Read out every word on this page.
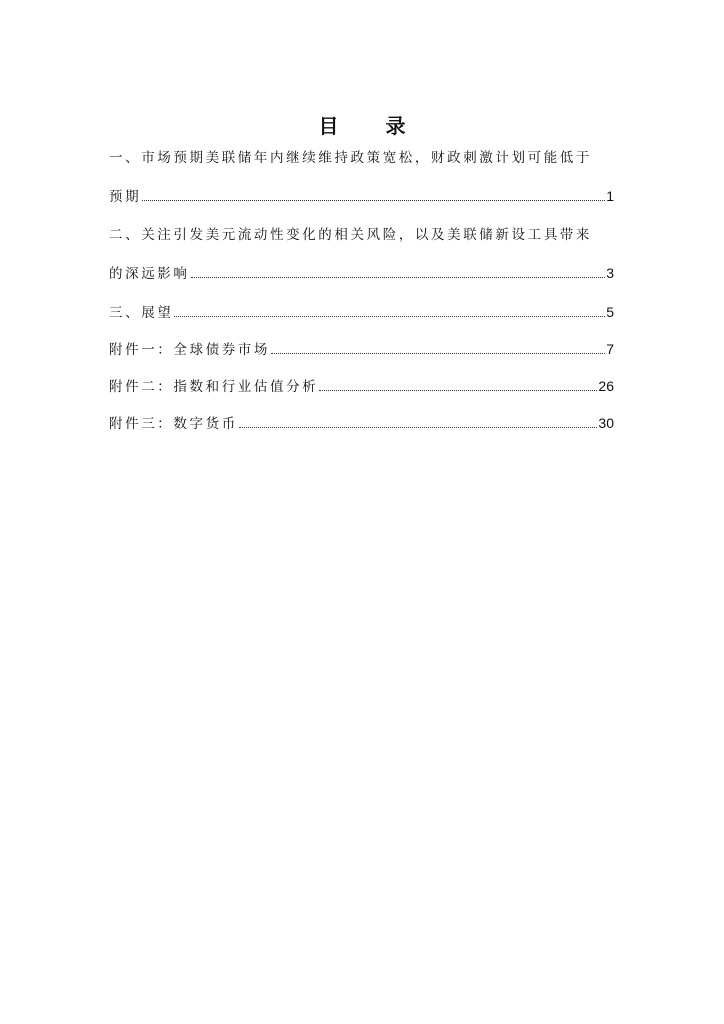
目 录
一、市场预期美联储年内继续维持政策宽松，财政刺激计划可能低于
预期	1
二、关注引发美元流动性变化的相关风险，以及美联储新设工具带来
的深远影响	3
三、展望	5
附件一：全球债券市场	7
附件二：指数和行业估值分析	26
附件三：数字货币	30
